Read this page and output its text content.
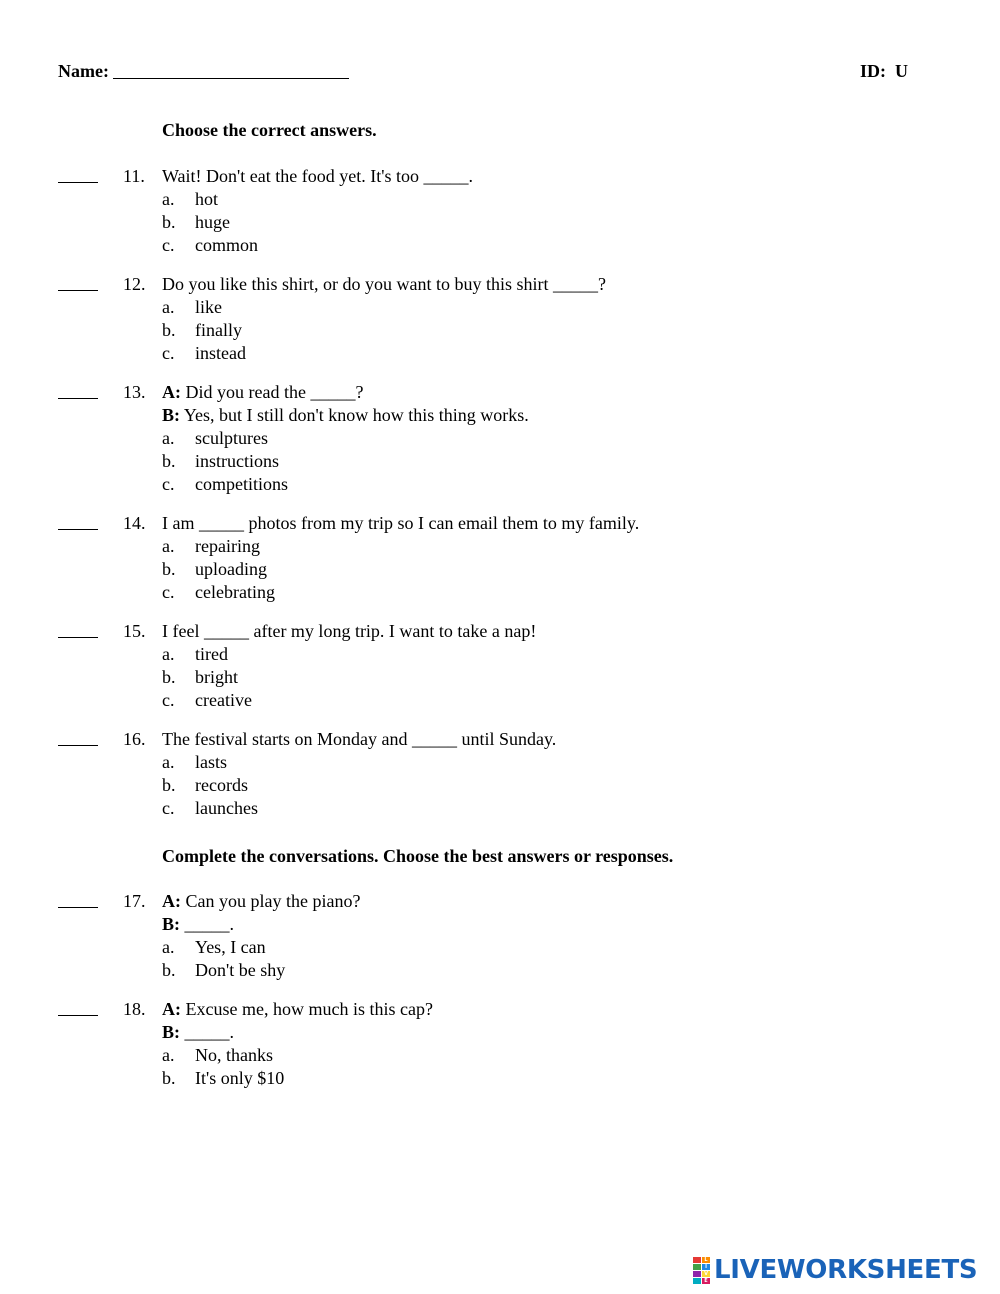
Name:	ID: U
Choose the correct answers.
11. Wait! Don't eat the food yet. It's too _____.
a. hot
b. huge
c. common
12. Do you like this shirt, or do you want to buy this shirt _____?
a. like
b. finally
c. instead
13. A: Did you read the _____?
B: Yes, but I still don't know how this thing works.
a. sculptures
b. instructions
c. competitions
14. I am _____ photos from my trip so I can email them to my family.
a. repairing
b. uploading
c. celebrating
15. I feel _____ after my long trip. I want to take a nap!
a. tired
b. bright
c. creative
16. The festival starts on Monday and _____ until Sunday.
a. lasts
b. records
c. launches
Complete the conversations. Choose the best answers or responses.
17. A: Can you play the piano?
B: _____.
a. Yes, I can
b. Don't be shy
18. A: Excuse me, how much is this cap?
B: _____.
a. No, thanks
b. It's only $10
L
I
V
E LIVEWORKSHEETS
